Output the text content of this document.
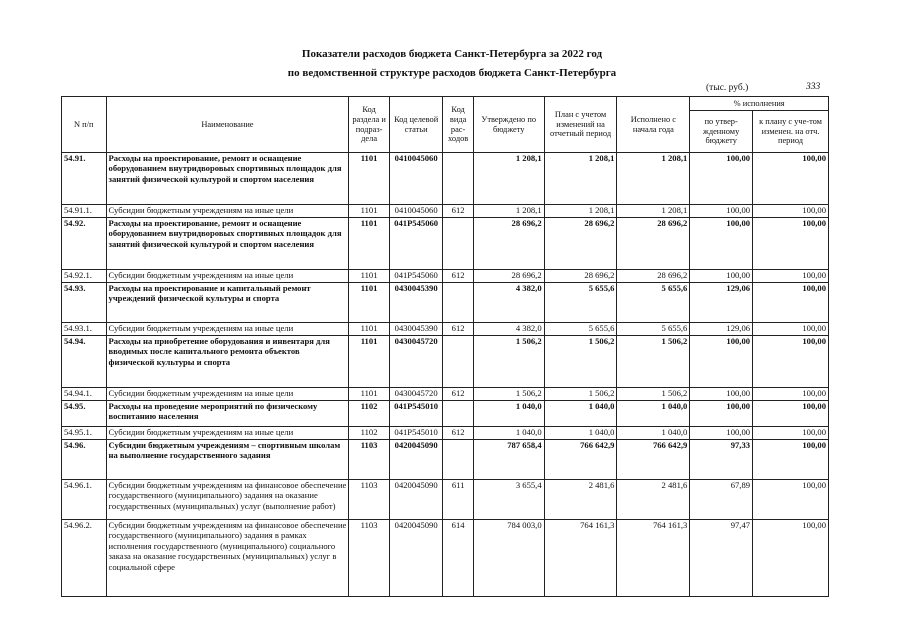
Показатели расходов бюджета Санкт-Петербурга за 2022 год
по ведомственной структуре расходов бюджета Санкт-Петербурга
(тыс. руб.)	333
N п/п	Наименование	Код раздела и подраз-дела	Код целевой статьи	Код вида рас-ходов	Утверждено по бюджету	План с учетом изменений на отчетный период	Исполнено с начала года	% исполнения	
								по утвер-жденному бюджету	к плану с уче-том изменен. на отч. период
54.91.	Расходы на проектирование, ремонт и оснащение оборудованием внутридворовых спортивных площадок для занятий физической культурой и спортом населения	1101	0410045060		1 208,1	1 208,1	1 208,1	100,00	100,00
54.91.1.	Субсидии бюджетным учреждениям на иные цели	1101	0410045060	612	1 208,1	1 208,1	1 208,1	100,00	100,00
54.92.	Расходы на проектирование, ремонт и оснащение оборудованием внутридворовых спортивных площадок для занятий физической культурой и спортом населения	1101	041P545060		28 696,2	28 696,2	28 696,2	100,00	100,00
54.92.1.	Субсидии бюджетным учреждениям на иные цели	1101	041P545060	612	28 696,2	28 696,2	28 696,2	100,00	100,00
54.93.	Расходы на проектирование и капитальный ремонт учреждений физической культуры и спорта	1101	0430045390		4 382,0	5 655,6	5 655,6	129,06	100,00
54.93.1.	Субсидии бюджетным учреждениям на иные цели	1101	0430045390	612	4 382,0	5 655,6	5 655,6	129,06	100,00
54.94.	Расходы на приобретение оборудования и инвентаря для вводимых после капитального ремонта объектов физической культуры и спорта	1101	0430045720		1 506,2	1 506,2	1 506,2	100,00	100,00
54.94.1.	Субсидии бюджетным учреждениям на иные цели	1101	0430045720	612	1 506,2	1 506,2	1 506,2	100,00	100,00
54.95.	Расходы на проведение мероприятий по физическому воспитанию населения	1102	041P545010		1 040,0	1 040,0	1 040,0	100,00	100,00
54.95.1.	Субсидии бюджетным учреждениям на иные цели	1102	041P545010	612	1 040,0	1 040,0	1 040,0	100,00	100,00
54.96.	Субсидии бюджетным учреждениям – спортивным школам на выполнение государственного задания	1103	0420045090		787 658,4	766 642,9	766 642,9	97,33	100,00
54.96.1.	Субсидии бюджетным учреждениям на финансовое обеспечение государственного (муниципального) задания на оказание государственных (муниципальных) услуг (выполнение работ)	1103	0420045090	611	3 655,4	2 481,6	2 481,6	67,89	100,00
54.96.2.	Субсидии бюджетным учреждениям на финансовое обеспечение государственного (муниципального) задания в рамках исполнения государственного (муниципального) социального заказа на оказание государственных (муниципальных) услуг в социальной сфере	1103	0420045090	614	784 003,0	764 161,3	764 161,3	97,47	100,00
